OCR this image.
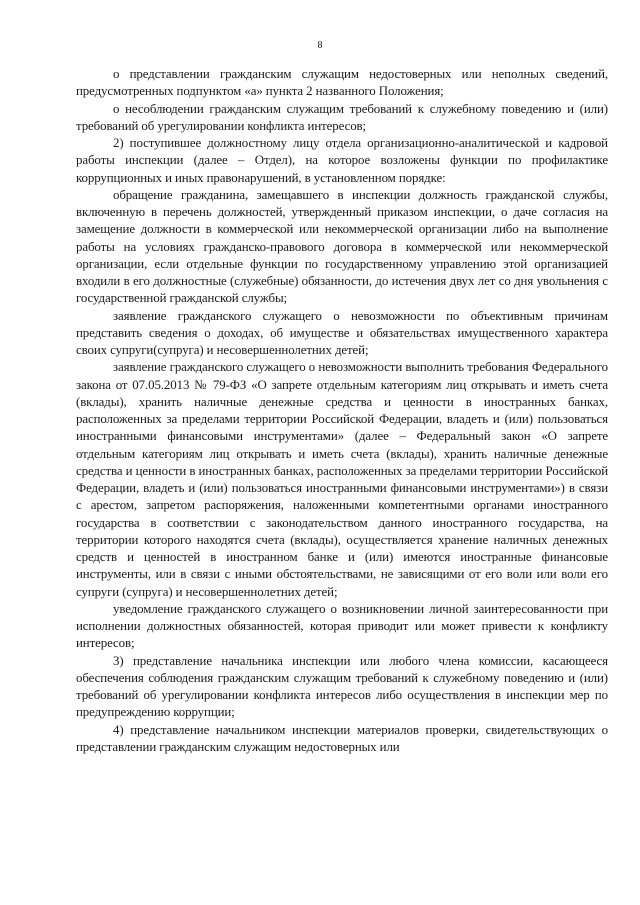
8

о представлении гражданским служащим недостоверных или неполных сведений, предусмотренных подпунктом «а» пункта 2 названного Положения;

о несоблюдении гражданским служащим требований к служебному поведению и (или) требований об урегулировании конфликта интересов;

2) поступившее должностному лицу отдела организационно-аналитической и кадровой работы инспекции (далее – Отдел), на которое возложены функции по профилактике коррупционных и иных правонарушений, в установленном порядке:

обращение гражданина, замещавшего в инспекции должность гражданской службы, включенную в перечень должностей, утвержденный приказом инспекции, о даче согласия на замещение должности в коммерческой или некоммерческой организации либо на выполнение работы на условиях гражданско-правового договора в коммерческой или некоммерческой организации, если отдельные функции по государственному управлению этой организацией входили в его должностные (служебные) обязанности, до истечения двух лет со дня увольнения с государственной гражданской службы;

заявление гражданского служащего о невозможности по объективным причинам представить сведения о доходах, об имуществе и обязательствах имущественного характера своих супруги(супруга) и несовершеннолетних детей;

заявление гражданского служащего о невозможности выполнить требования Федерального закона от 07.05.2013 № 79-ФЗ «О запрете отдельным категориям лиц открывать и иметь счета (вклады), хранить наличные денежные средства и ценности в иностранных банках, расположенных за пределами территории Российской Федерации, владеть и (или) пользоваться иностранными финансовыми инструментами» (далее – Федеральный закон «О запрете отдельным категориям лиц открывать и иметь счета (вклады), хранить наличные денежные средства и ценности в иностранных банках, расположенных за пределами территории Российской Федерации, владеть и (или) пользоваться иностранными финансовыми инструментами») в связи с арестом, запретом распоряжения, наложенными компетентными органами иностранного государства в соответствии с законодательством данного иностранного государства, на территории которого находятся счета (вклады), осуществляется хранение наличных денежных средств и ценностей в иностранном банке и (или) имеются иностранные финансовые инструменты, или в связи с иными обстоятельствами, не зависящими от его воли или воли его супруги (супруга) и несовершеннолетних детей;

уведомление гражданского служащего о возникновении личной заинтересованности при исполнении должностных обязанностей, которая приводит или может привести к конфликту интересов;

3) представление начальника инспекции или любого члена комиссии, касающееся обеспечения соблюдения гражданским служащим требований к служебному поведению и (или) требований об урегулировании конфликта интересов либо осуществления в инспекции мер по предупреждению коррупции;

4) представление начальником инспекции материалов проверки, свидетельствующих о представлении гражданским служащим недостоверных или
